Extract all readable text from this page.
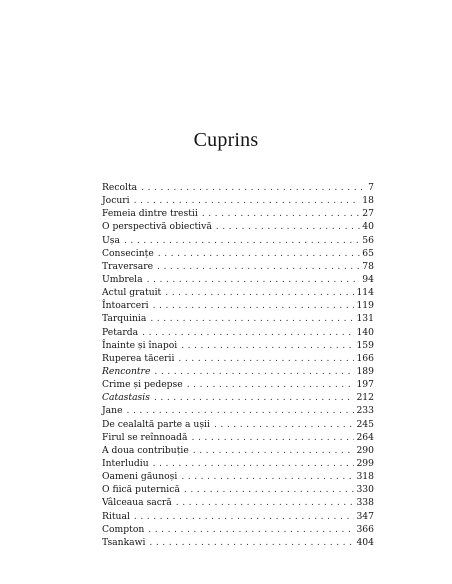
Cuprins
Recolta . . .	7
Jocuri . . .	18
Femeia dintre trestii . . .	27
O perspectivă obiectivă . . .	40
Ușa . . .	56
Consecințe . . .	65
Traversare . . .	78
Umbrela . . .	94
Actul gratuit . . .	114
Întoarceri . . .	119
Tarquinia . . .	131
Petarda . . .	140
Înainte și înapoi . . .	159
Ruperea tăcerii . . .	166
Rencontre . . .	189
Crime și pedepse . . .	197
Catastasis . . .	212
Jane . . .	233
De cealaltă parte a ușii . . .	245
Firul se reînnoadă . . .	264
A doua contribuție . . .	290
Interludiu . . .	299
Oameni găunoși . . .	318
O fiică puternică . . .	330
Vâlceaua sacră . . .	338
Ritual . . .	347
Compton . . .	366
Tsankawi . . .	404
